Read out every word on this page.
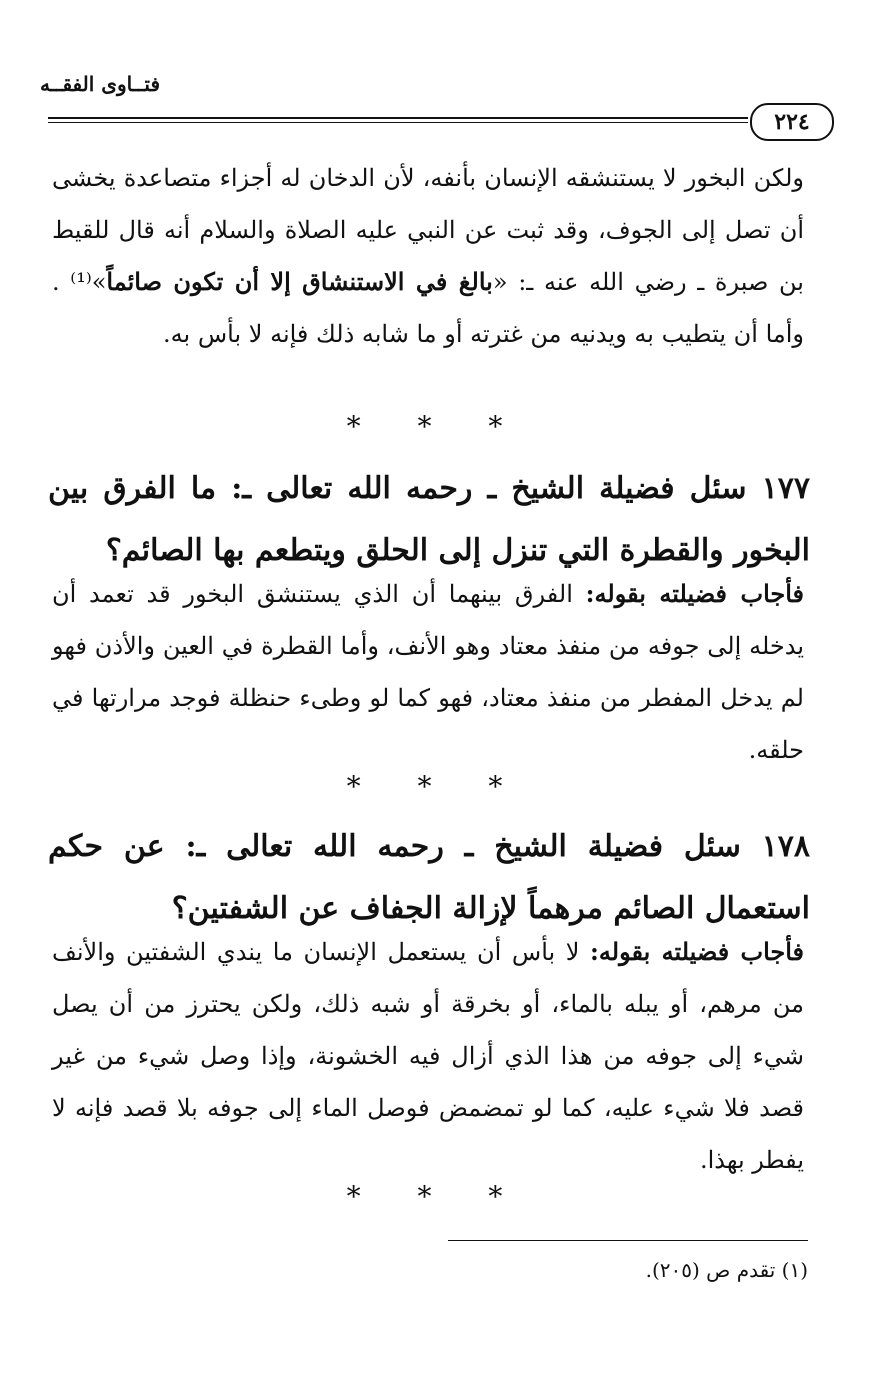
فتــاوى الفقــه
٢٢٤
ولكن البخور لا يستنشقه الإنسان بأنفه، لأن الدخان له أجزاء متصاعدة يخشى أن تصل إلى الجوف، وقد ثبت عن النبي عليه الصلاة والسلام أنه قال للقيط بن صبرة ـ رضي الله عنه ـ: «بالغ في الاستنشاق إلا أن تكون صائماً»⁽¹⁾ . وأما أن يتطيب به ويدنيه من غترته أو ما شابه ذلك فإنه لا بأس به.
* * *
١٧٧ سئل فضيلة الشيخ ـ رحمه الله تعالى ـ: ما الفرق بين البخور والقطرة التي تنزل إلى الحلق ويتطعم بها الصائم؟
فأجاب فضيلته بقوله: الفرق بينهما أن الذي يستنشق البخور قد تعمد أن يدخله إلى جوفه من منفذ معتاد وهو الأنف، وأما القطرة في العين والأذن فهو لم يدخل المفطر من منفذ معتاد، فهو كما لو وطىء حنظلة فوجد مرارتها في حلقه.
* * *
١٧٨ سئل فضيلة الشيخ ـ رحمه الله تعالى ـ: عن حكم استعمال الصائم مرهماً لإزالة الجفاف عن الشفتين؟
فأجاب فضيلته بقوله: لا بأس أن يستعمل الإنسان ما يندي الشفتين والأنف من مرهم، أو يبله بالماء، أو بخرقة أو شبه ذلك، ولكن يحترز من أن يصل شيء إلى جوفه من هذا الذي أزال فيه الخشونة، وإذا وصل شيء من غير قصد فلا شيء عليه، كما لو تمضمض فوصل الماء إلى جوفه بلا قصد فإنه لا يفطر بهذا.
* * *
(١) تقدم ص (٢٠٥).
